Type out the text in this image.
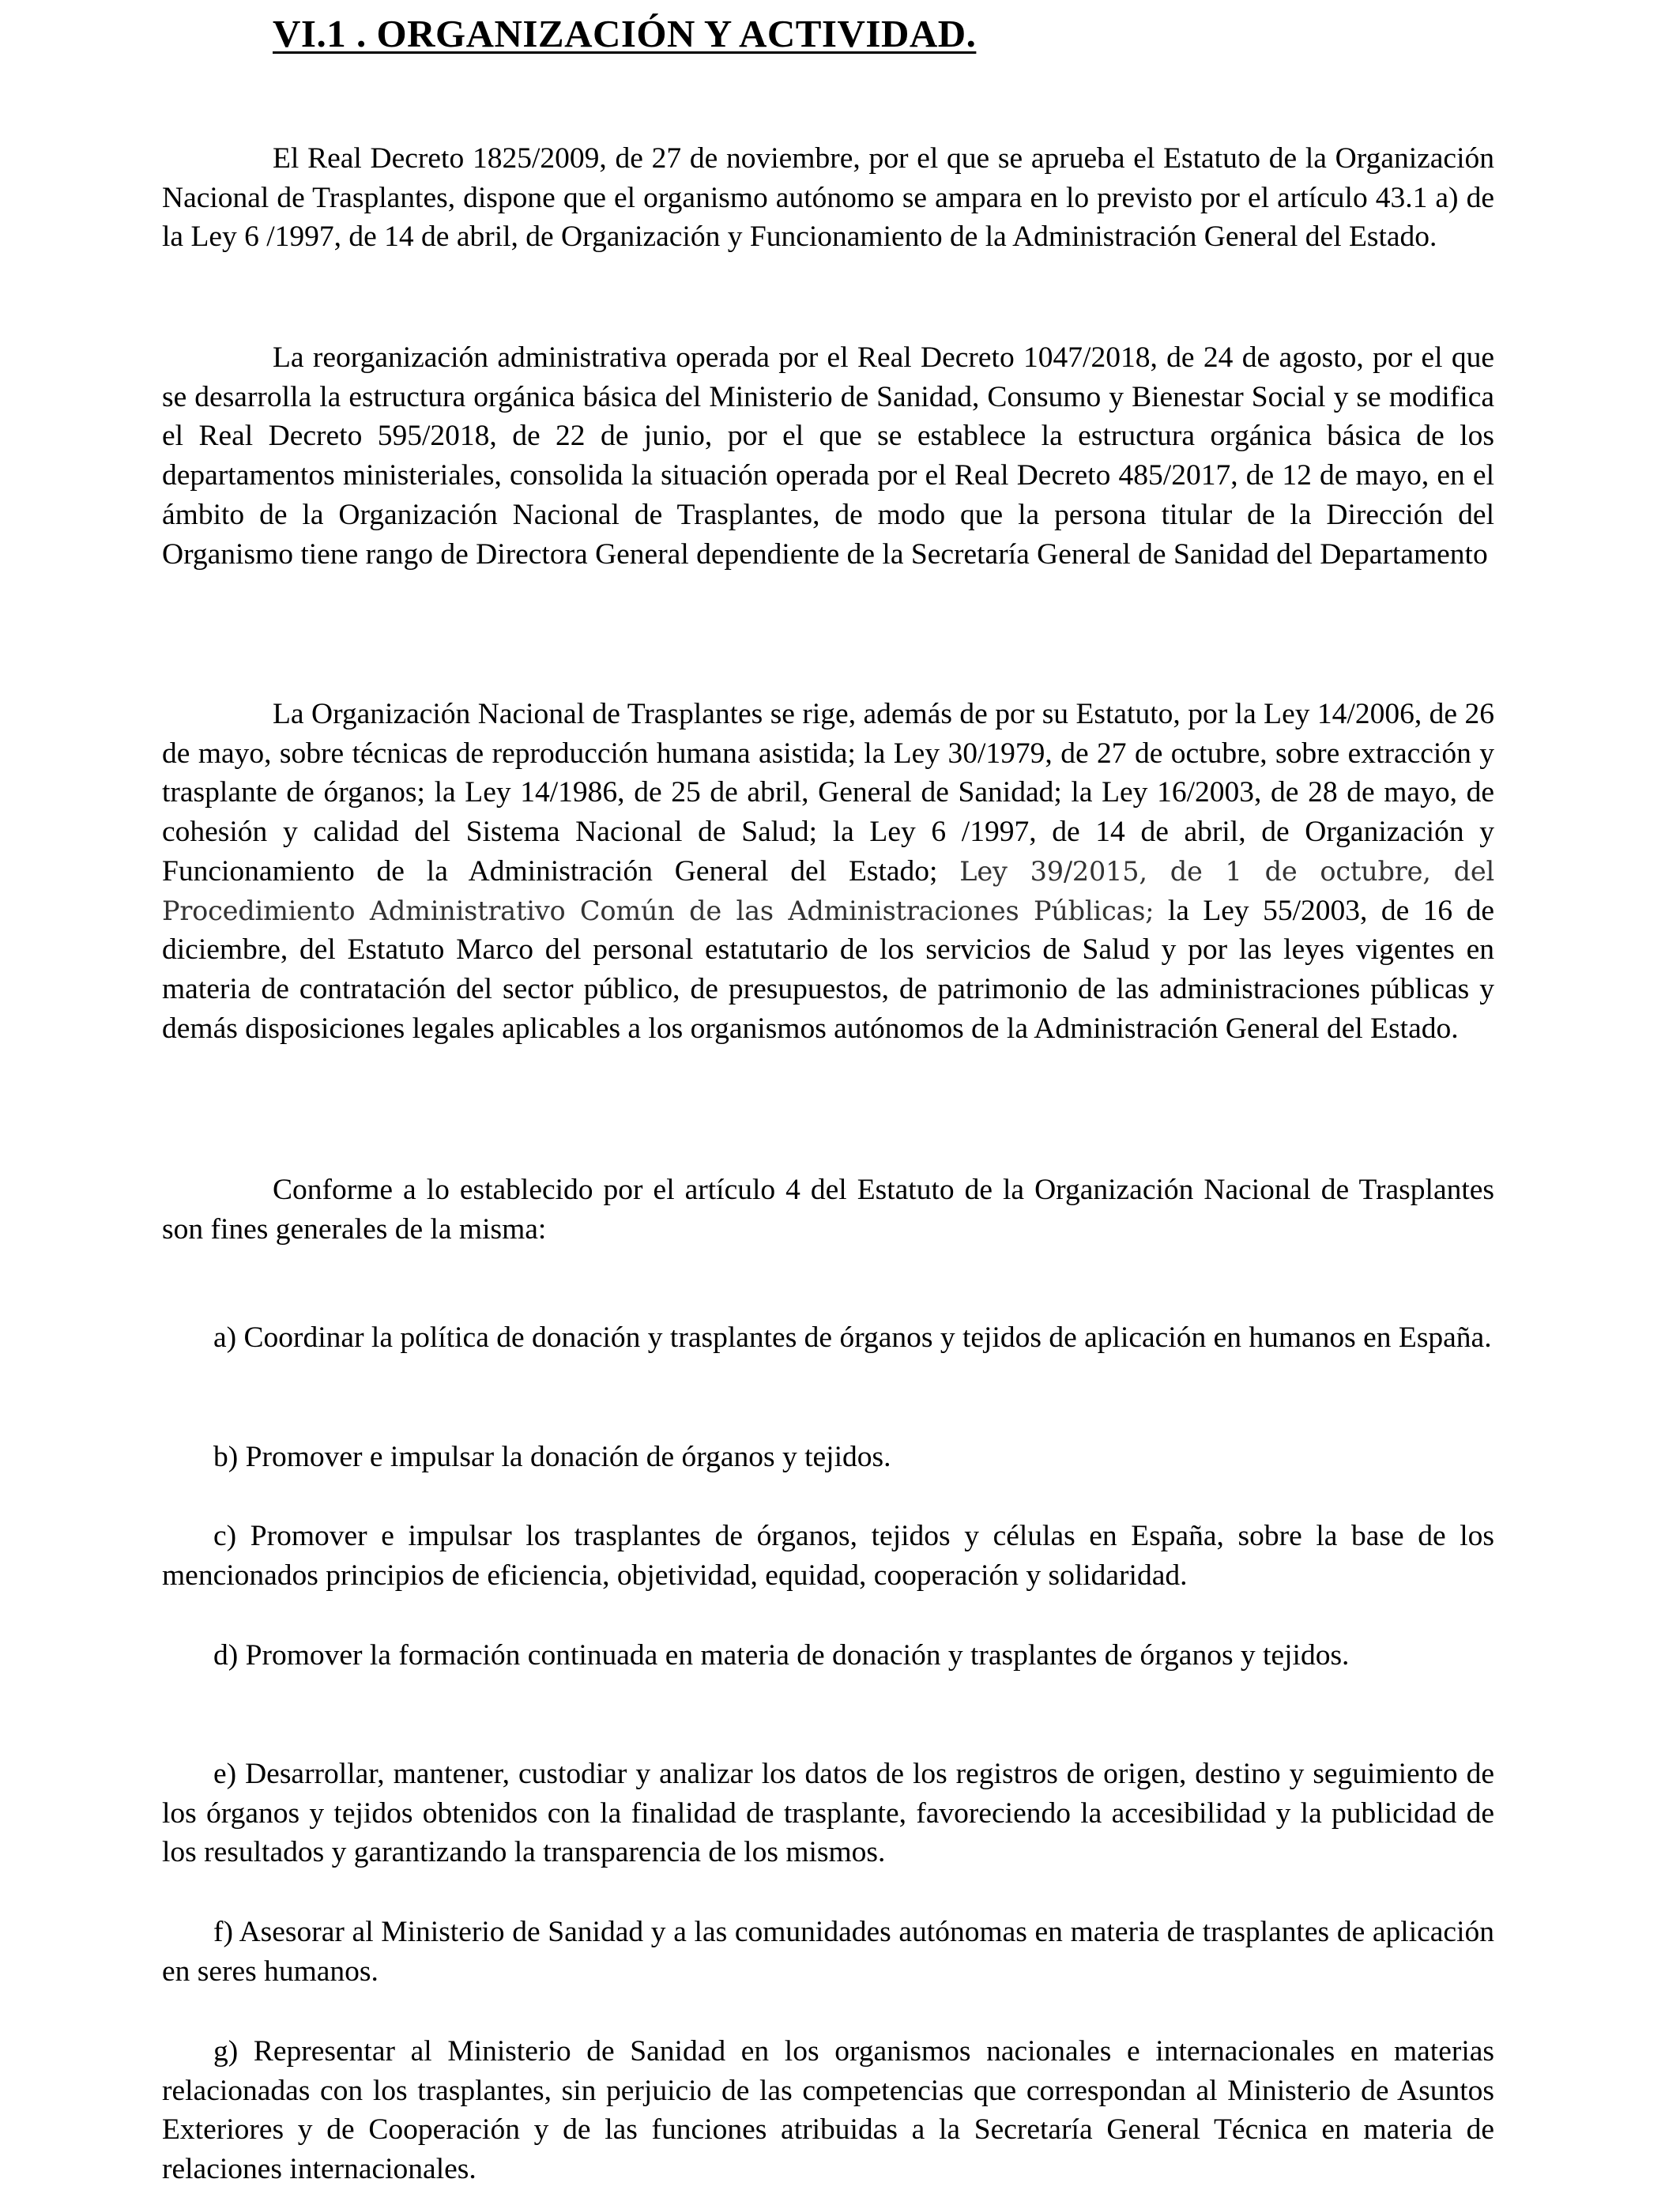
VI.1 . ORGANIZACIÓN Y ACTIVIDAD.

El Real Decreto 1825/2009, de 27 de noviembre, por el que se aprueba el Estatuto de la Organización Nacional de Trasplantes, dispone que el organismo autónomo se ampara en lo previsto por el artículo 43.1 a) de la Ley 6 /1997, de 14 de abril, de Organización y Funcionamiento de la Administración General del Estado.

La reorganización administrativa operada por el Real Decreto 1047/2018, de 24 de agosto, por el que se desarrolla la estructura orgánica básica del Ministerio de Sanidad, Consumo y Bienestar Social y se modifica el Real Decreto 595/2018, de 22 de junio, por el que se establece la estructura orgánica básica de los departamentos ministeriales, consolida la situación operada por el Real Decreto 485/2017, de 12 de mayo, en el ámbito de la Organización Nacional de Trasplantes, de modo que la persona titular de la Dirección del Organismo tiene rango de Directora General dependiente de la Secretaría General de Sanidad del Departamento

La Organización Nacional de Trasplantes se rige, además de por su Estatuto, por la Ley 14/2006, de 26 de mayo, sobre técnicas de reproducción humana asistida; la Ley 30/1979, de 27 de octubre, sobre extracción y trasplante de órganos; la Ley 14/1986, de 25 de abril, General de Sanidad; la Ley 16/2003, de 28 de mayo, de cohesión y calidad del Sistema Nacional de Salud; la Ley 6 /1997, de 14 de abril, de Organización y Funcionamiento de la Administración General del Estado; Ley 39/2015, de 1 de octubre, del Procedimiento Administrativo Común de las Administraciones Públicas; la Ley 55/2003, de 16 de diciembre, del Estatuto Marco del personal estatutario de los servicios de Salud y por las leyes vigentes en materia de contratación del sector público, de presupuestos, de patrimonio de las administraciones públicas y demás disposiciones legales aplicables a los organismos autónomos de la Administración General del Estado.

Conforme a lo establecido por el artículo 4 del Estatuto de la Organización Nacional de Trasplantes son fines generales de la misma:

a) Coordinar la política de donación y trasplantes de órganos y tejidos de aplicación en humanos en España.

b) Promover e impulsar la donación de órganos y tejidos.

c) Promover e impulsar los trasplantes de órganos, tejidos y células en España, sobre la base de los mencionados principios de eficiencia, objetividad, equidad, cooperación y solidaridad.

d) Promover la formación continuada en materia de donación y trasplantes de órganos y tejidos.

e) Desarrollar, mantener, custodiar y analizar los datos de los registros de origen, destino y seguimiento de los órganos y tejidos obtenidos con la finalidad de trasplante, favoreciendo la accesibilidad y la publicidad de los resultados y garantizando la transparencia de los mismos.

f) Asesorar al Ministerio de Sanidad y a las comunidades autónomas en materia de trasplantes de aplicación en seres humanos.

g) Representar al Ministerio de Sanidad en los organismos nacionales e internacionales en materias relacionadas con los trasplantes, sin perjuicio de las competencias que correspondan al Ministerio de Asuntos Exteriores y de Cooperación y de las funciones atribuidas a la Secretaría General Técnica en materia de relaciones internacionales.
